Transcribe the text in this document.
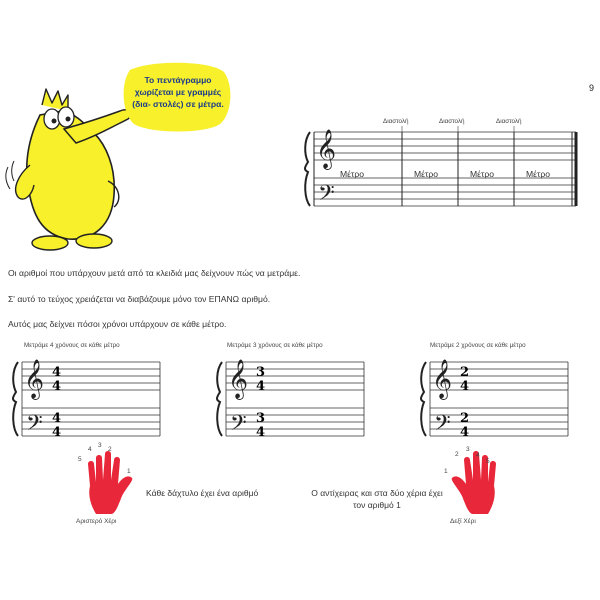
9
Το πεντάγραμμο χωρίζεται με γραμμές (δια- στολές) σε μέτρα.
𝄞
𝄢
Διαστολή	Διαστολή	Διαστολή
Μέτρο	Μέτρο	Μέτρο	Μέτρο
Οι αριθμοί που υπάρχουν μετά από τα κλειδιά μας δείχνουν πώς να μετράμε.
Σ' αυτό το τεύχος χρειάζεται να διαβάζουμε μόνο τον ΕΠΑΝΩ αριθμό.
Αυτός μας δείχνει πόσοι χρόνοι υπάρχουν σε κάθε μέτρο.
Μετράμε 4 χρόνους σε κάθε μέτρο	Μετράμε 3 χρόνους σε κάθε μέτρο	Μετράμε 2 χρόνους σε κάθε μέτρο
𝄞
𝄢
4
4
4
4
𝄞
𝄢
3
4
3
4
𝄞
𝄢
2
4
2
4
4
3
2
5
1
Αριστερό Χέρι
Κάθε δάχτυλο έχει ένα αριθμό	Ο αντίχειρας και στα δύο χέρια έχει τον αριθμό 1
1
2
3
4
5
Δεξί Χέρι
